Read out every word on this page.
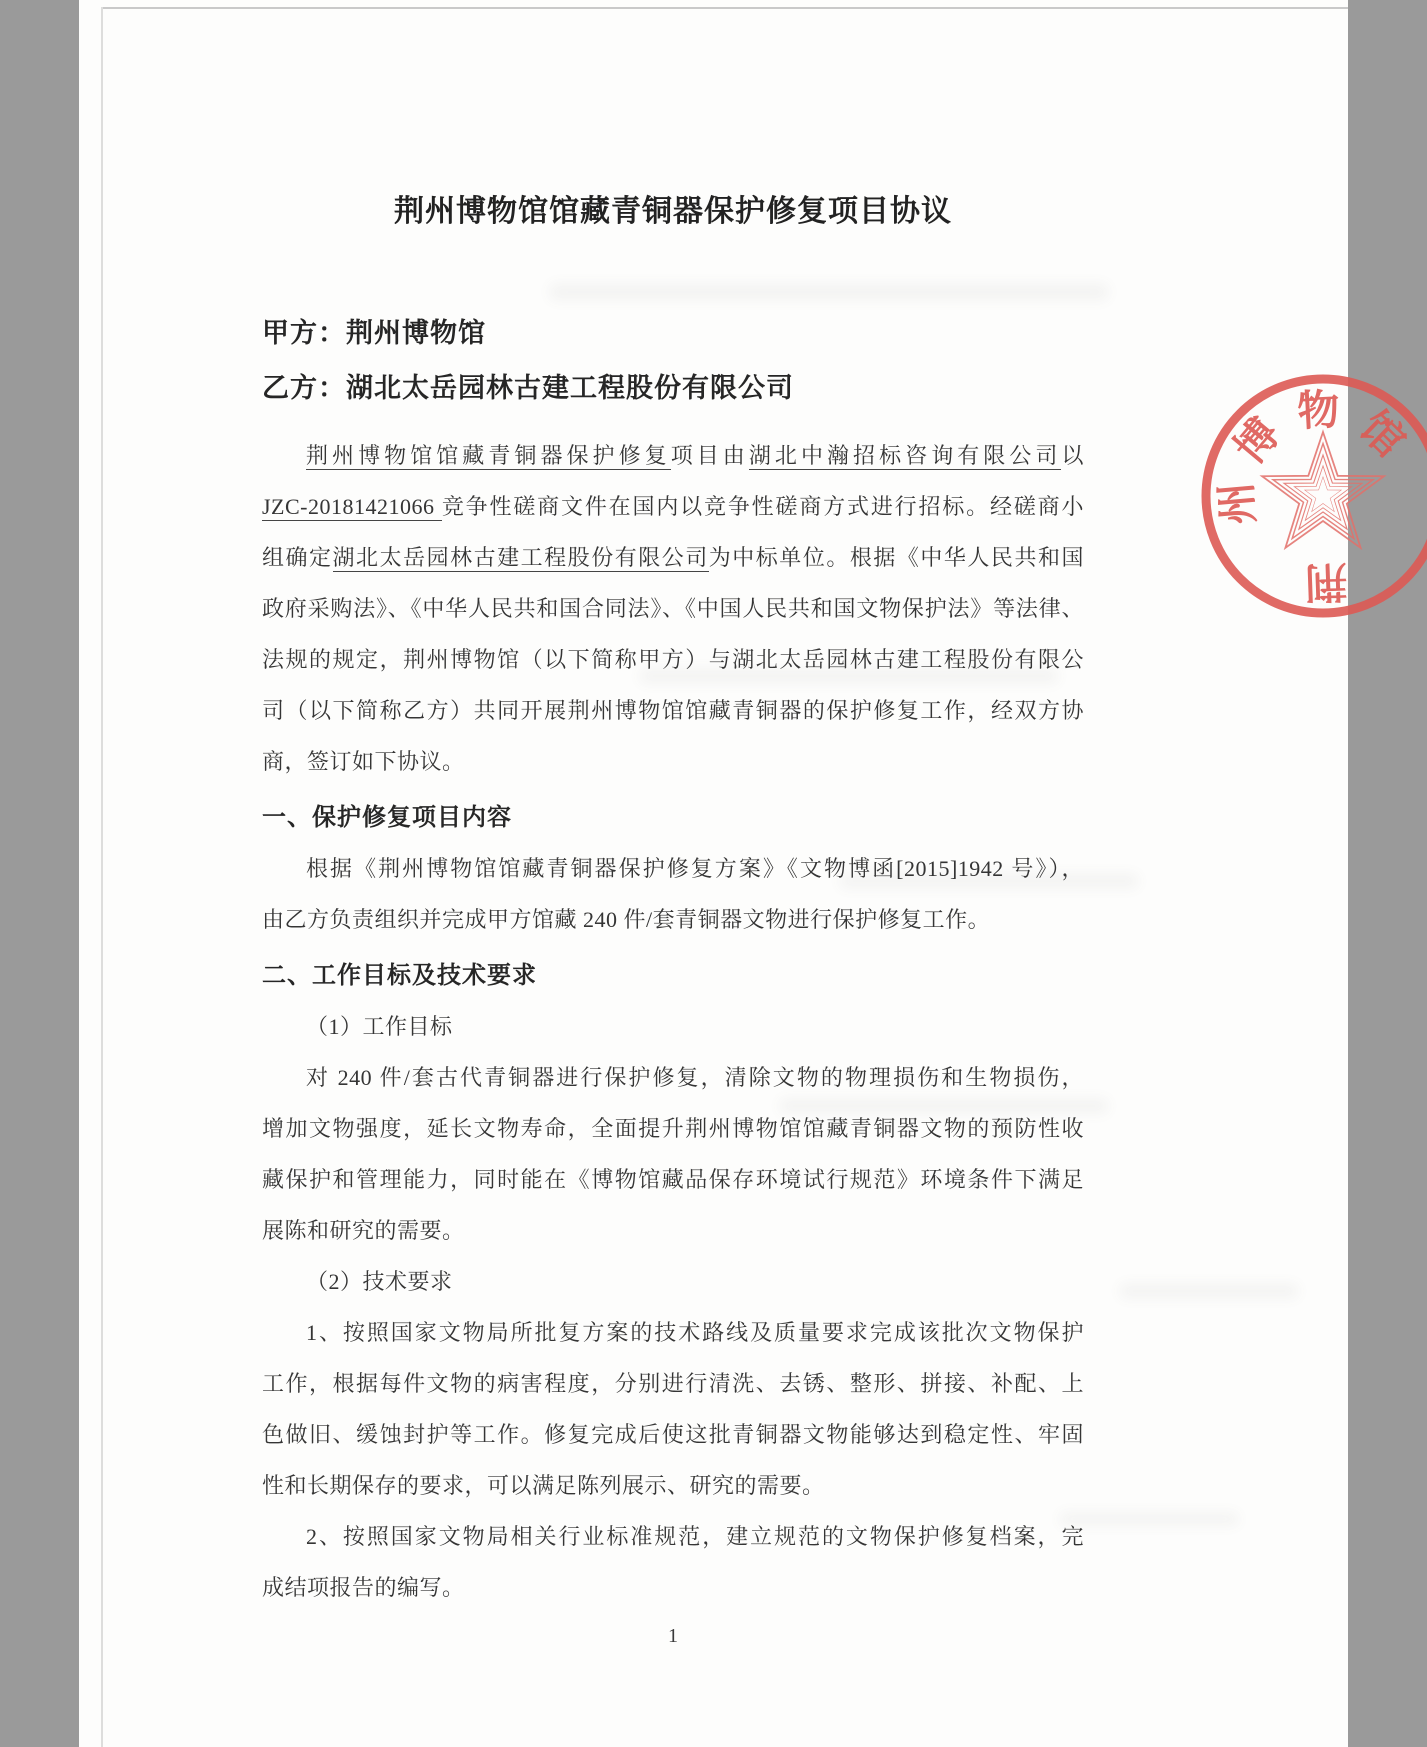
荆州博物馆馆藏青铜器保护修复项目协议
甲方：荆州博物馆
乙方：湖北太岳园林古建工程股份有限公司
荆州博物馆馆藏青铜器保护修复项目由湖北中瀚招标咨询有限公司以
JZC-20181421066 竞争性磋商文件在国内以竞争性磋商方式进行招标。经磋商小
组确定湖北太岳园林古建工程股份有限公司为中标单位。根据《中华人民共和国
政府采购法》、《中华人民共和国合同法》、《中国人民共和国文物保护法》等法律、
法规的规定，荆州博物馆（以下简称甲方）与湖北太岳园林古建工程股份有限公
司（以下简称乙方）共同开展荆州博物馆馆藏青铜器的保护修复工作，经双方协
商，签订如下协议。
一、保护修复项目内容
根据《荆州博物馆馆藏青铜器保护修复方案》《文物博函[2015]1942 号》），
由乙方负责组织并完成甲方馆藏 240 件/套青铜器文物进行保护修复工作。
二、工作目标及技术要求
（1）工作目标
对 240 件/套古代青铜器进行保护修复，清除文物的物理损伤和生物损伤，
增加文物强度，延长文物寿命，全面提升荆州博物馆馆藏青铜器文物的预防性收
藏保护和管理能力，同时能在《博物馆藏品保存环境试行规范》环境条件下满足
展陈和研究的需要。
（2）技术要求
1、按照国家文物局所批复方案的技术路线及质量要求完成该批次文物保护
工作，根据每件文物的病害程度，分别进行清洗、去锈、整形、拼接、补配、上
色做旧、缓蚀封护等工作。修复完成后使这批青铜器文物能够达到稳定性、牢固
性和长期保存的要求，可以满足陈列展示、研究的需要。
2、按照国家文物局相关行业标准规范，建立规范的文物保护修复档案，完
成结项报告的编写。
1
荆
州
博 物 馆
